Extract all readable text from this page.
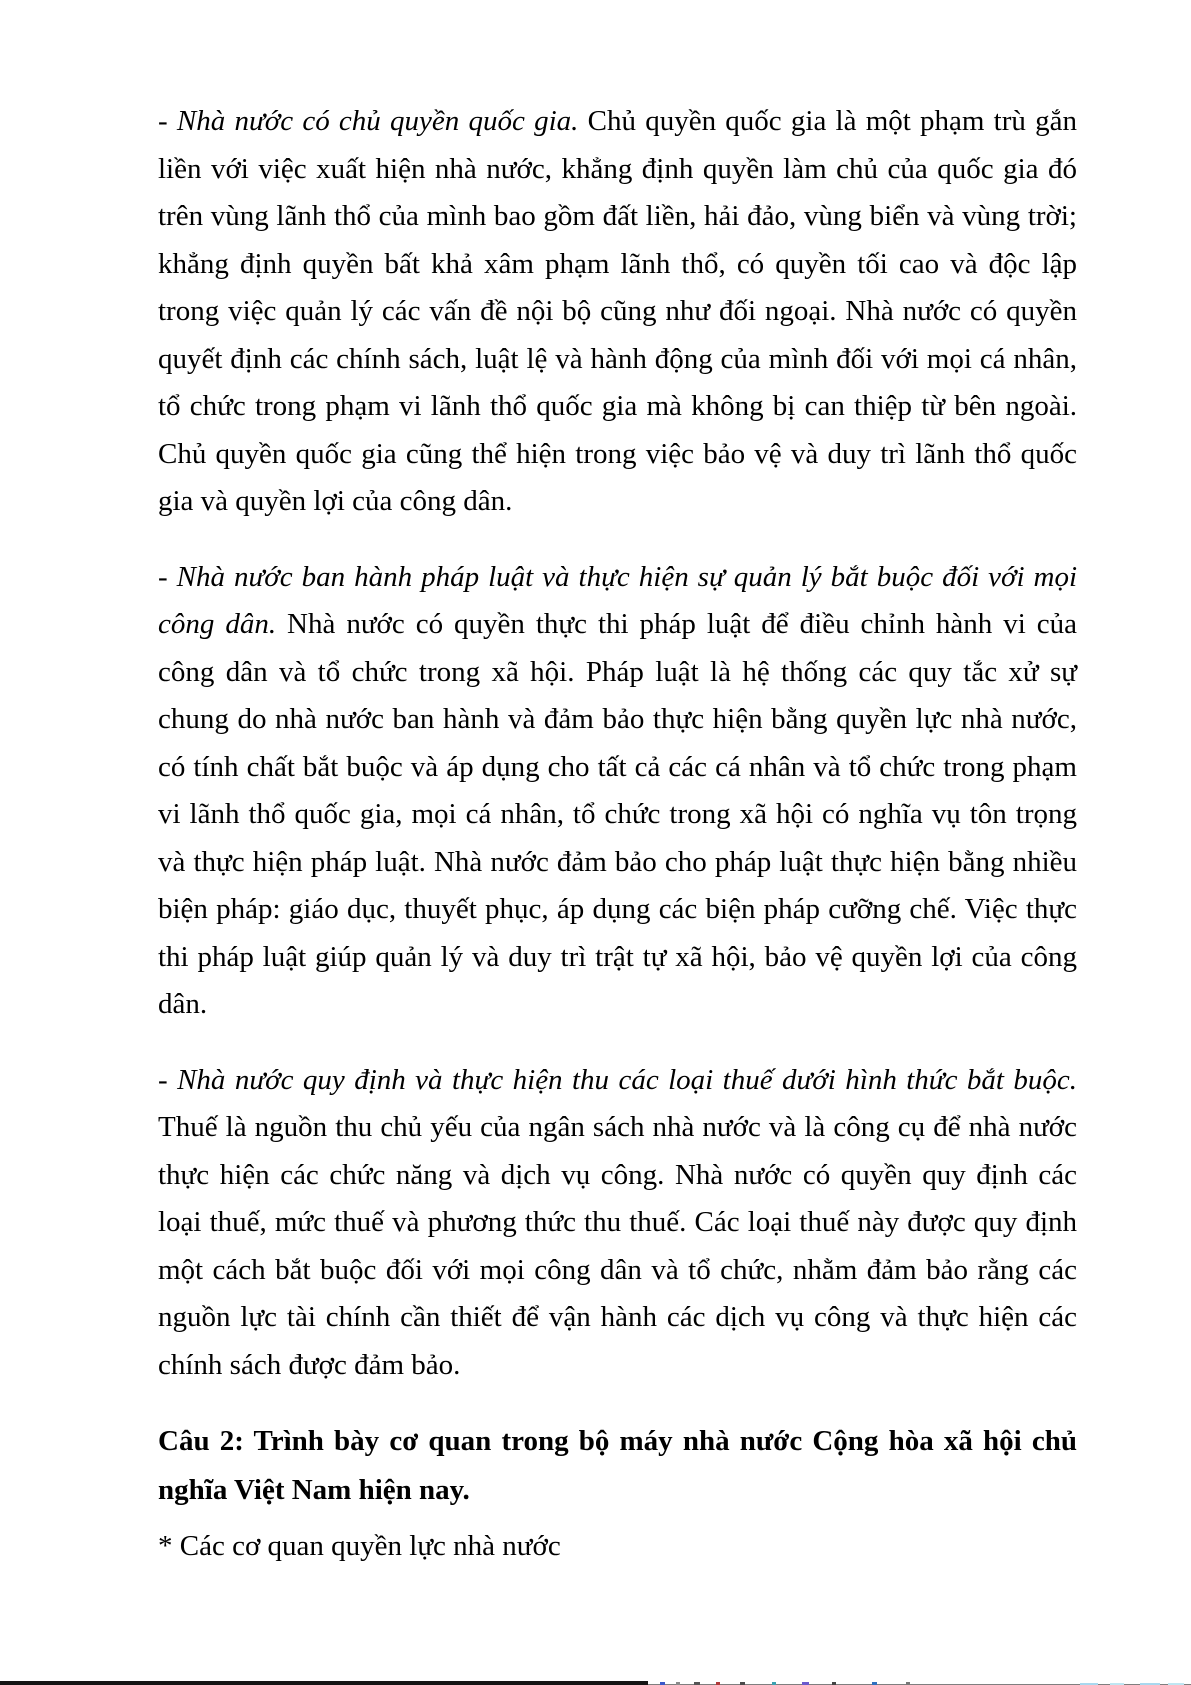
- Nhà nước có chủ quyền quốc gia. Chủ quyền quốc gia là một phạm trù gắn liền với việc xuất hiện nhà nước, khẳng định quyền làm chủ của quốc gia đó trên vùng lãnh thổ của mình bao gồm đất liền, hải đảo, vùng biển và vùng trời; khẳng định quyền bất khả xâm phạm lãnh thổ, có quyền tối cao và độc lập trong việc quản lý các vấn đề nội bộ cũng như đối ngoại. Nhà nước có quyền quyết định các chính sách, luật lệ và hành động của mình đối với mọi cá nhân, tổ chức trong phạm vi lãnh thổ quốc gia mà không bị can thiệp từ bên ngoài. Chủ quyền quốc gia cũng thể hiện trong việc bảo vệ và duy trì lãnh thổ quốc gia và quyền lợi của công dân.

- Nhà nước ban hành pháp luật và thực hiện sự quản lý bắt buộc đối với mọi công dân. Nhà nước có quyền thực thi pháp luật để điều chỉnh hành vi của công dân và tổ chức trong xã hội. Pháp luật là hệ thống các quy tắc xử sự chung do nhà nước ban hành và đảm bảo thực hiện bằng quyền lực nhà nước, có tính chất bắt buộc và áp dụng cho tất cả các cá nhân và tổ chức trong phạm vi lãnh thổ quốc gia, mọi cá nhân, tổ chức trong xã hội có nghĩa vụ tôn trọng và thực hiện pháp luật. Nhà nước đảm bảo cho pháp luật thực hiện bằng nhiều biện pháp: giáo dục, thuyết phục, áp dụng các biện pháp cưỡng chế. Việc thực thi pháp luật giúp quản lý và duy trì trật tự xã hội, bảo vệ quyền lợi của công dân.

- Nhà nước quy định và thực hiện thu các loại thuế dưới hình thức bắt buộc. Thuế là nguồn thu chủ yếu của ngân sách nhà nước và là công cụ để nhà nước thực hiện các chức năng và dịch vụ công. Nhà nước có quyền quy định các loại thuế, mức thuế và phương thức thu thuế. Các loại thuế này được quy định một cách bắt buộc đối với mọi công dân và tổ chức, nhằm đảm bảo rằng các nguồn lực tài chính cần thiết để vận hành các dịch vụ công và thực hiện các chính sách được đảm bảo.

Câu 2: Trình bày cơ quan trong bộ máy nhà nước Cộng hòa xã hội chủ nghĩa Việt Nam hiện nay.

* Các cơ quan quyền lực nhà nước
